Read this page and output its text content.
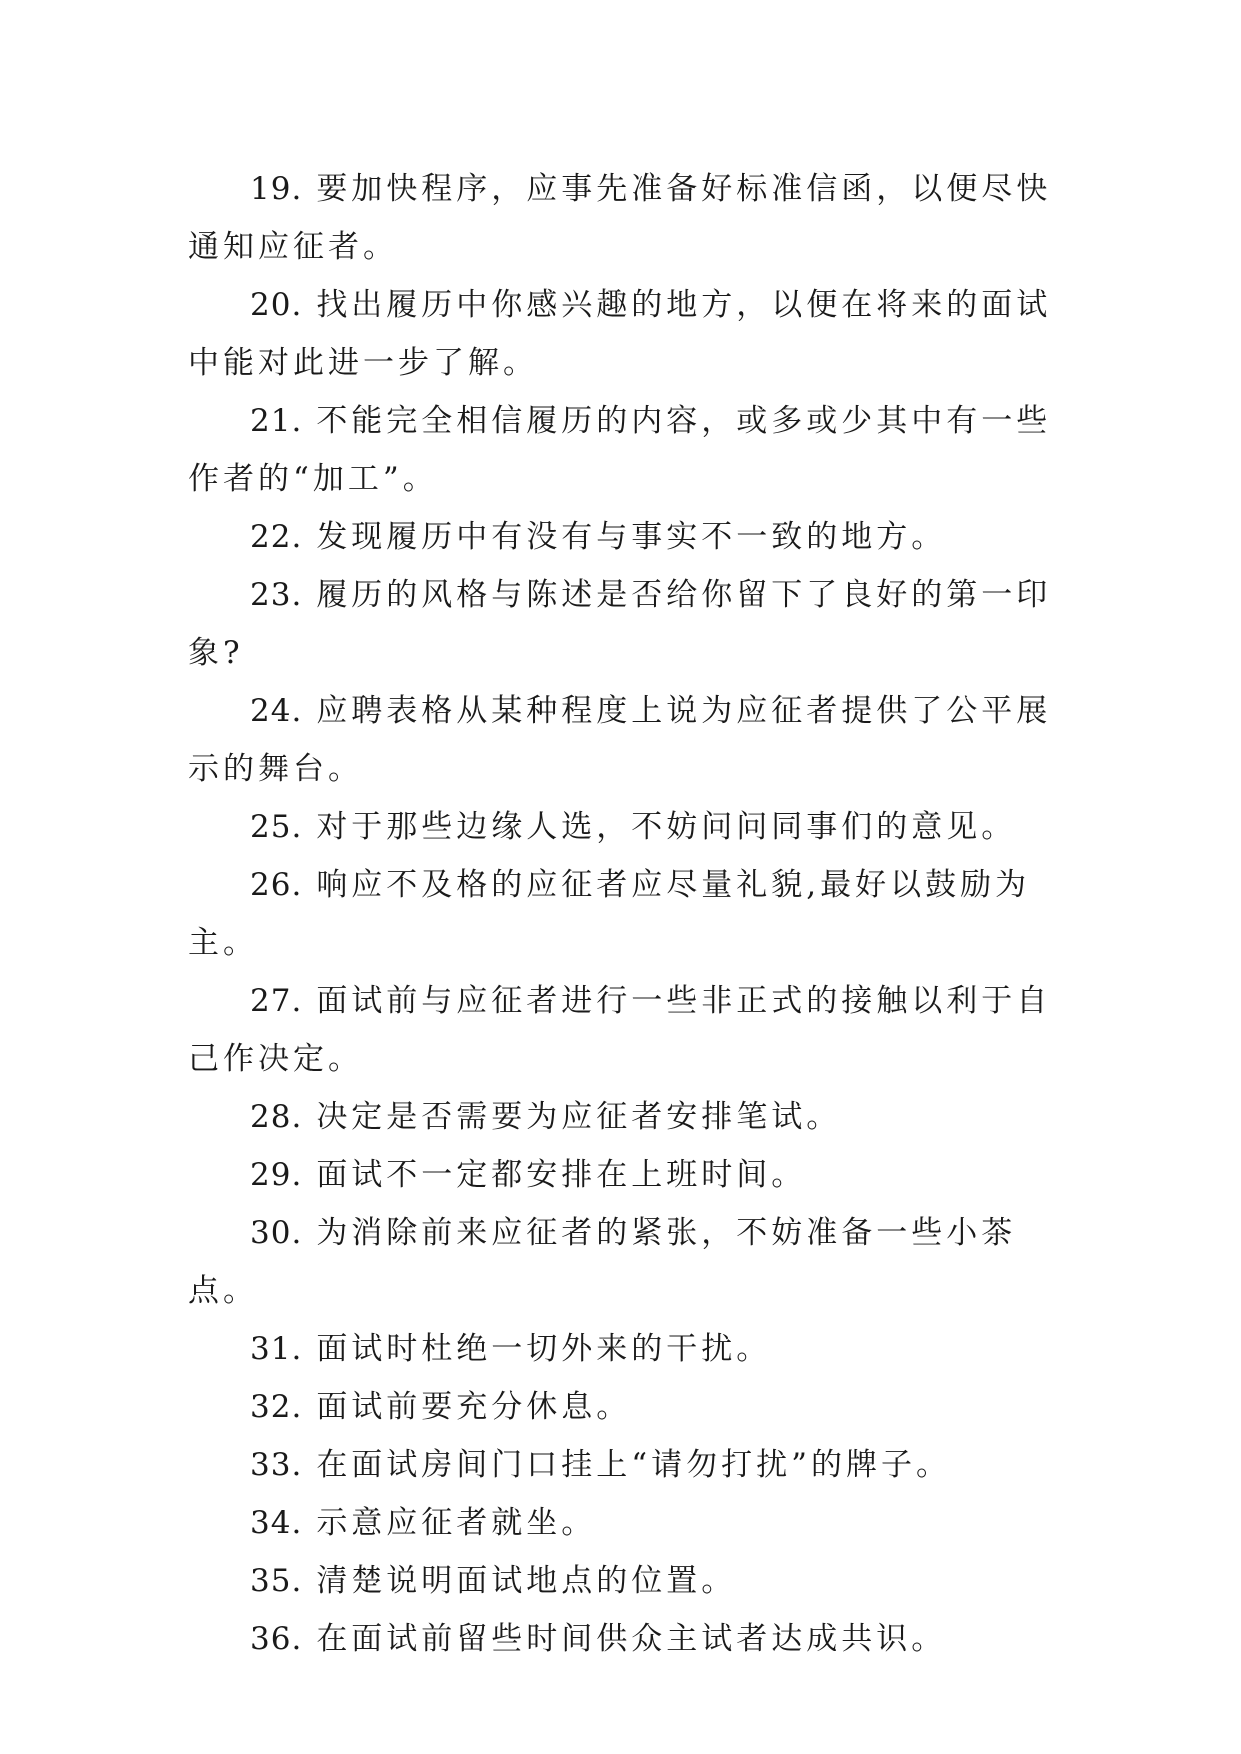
19. 要加快程序，应事先准备好标准信函，以便尽快通知应征者。

20. 找出履历中你感兴趣的地方，以便在将来的面试中能对此进一步了解。

21. 不能完全相信履历的内容，或多或少其中有一些作者的“加工”。

22. 发现履历中有没有与事实不一致的地方。

23. 履历的风格与陈述是否给你留下了良好的第一印象?

24. 应聘表格从某种程度上说为应征者提供了公平展示的舞台。

25. 对于那些边缘人选，不妨问问同事们的意见。

26. 响应不及格的应征者应尽量礼貌,最好以鼓励为主。

27. 面试前与应征者进行一些非正式的接触以利于自己作决定。

28. 决定是否需要为应征者安排笔试。

29. 面试不一定都安排在上班时间。

30. 为消除前来应征者的紧张，不妨准备一些小茶点。

31. 面试时杜绝一切外来的干扰。

32. 面试前要充分休息。

33. 在面试房间门口挂上“请勿打扰”的牌子。

34. 示意应征者就坐。

35. 清楚说明面试地点的位置。

36. 在面试前留些时间供众主试者达成共识。
